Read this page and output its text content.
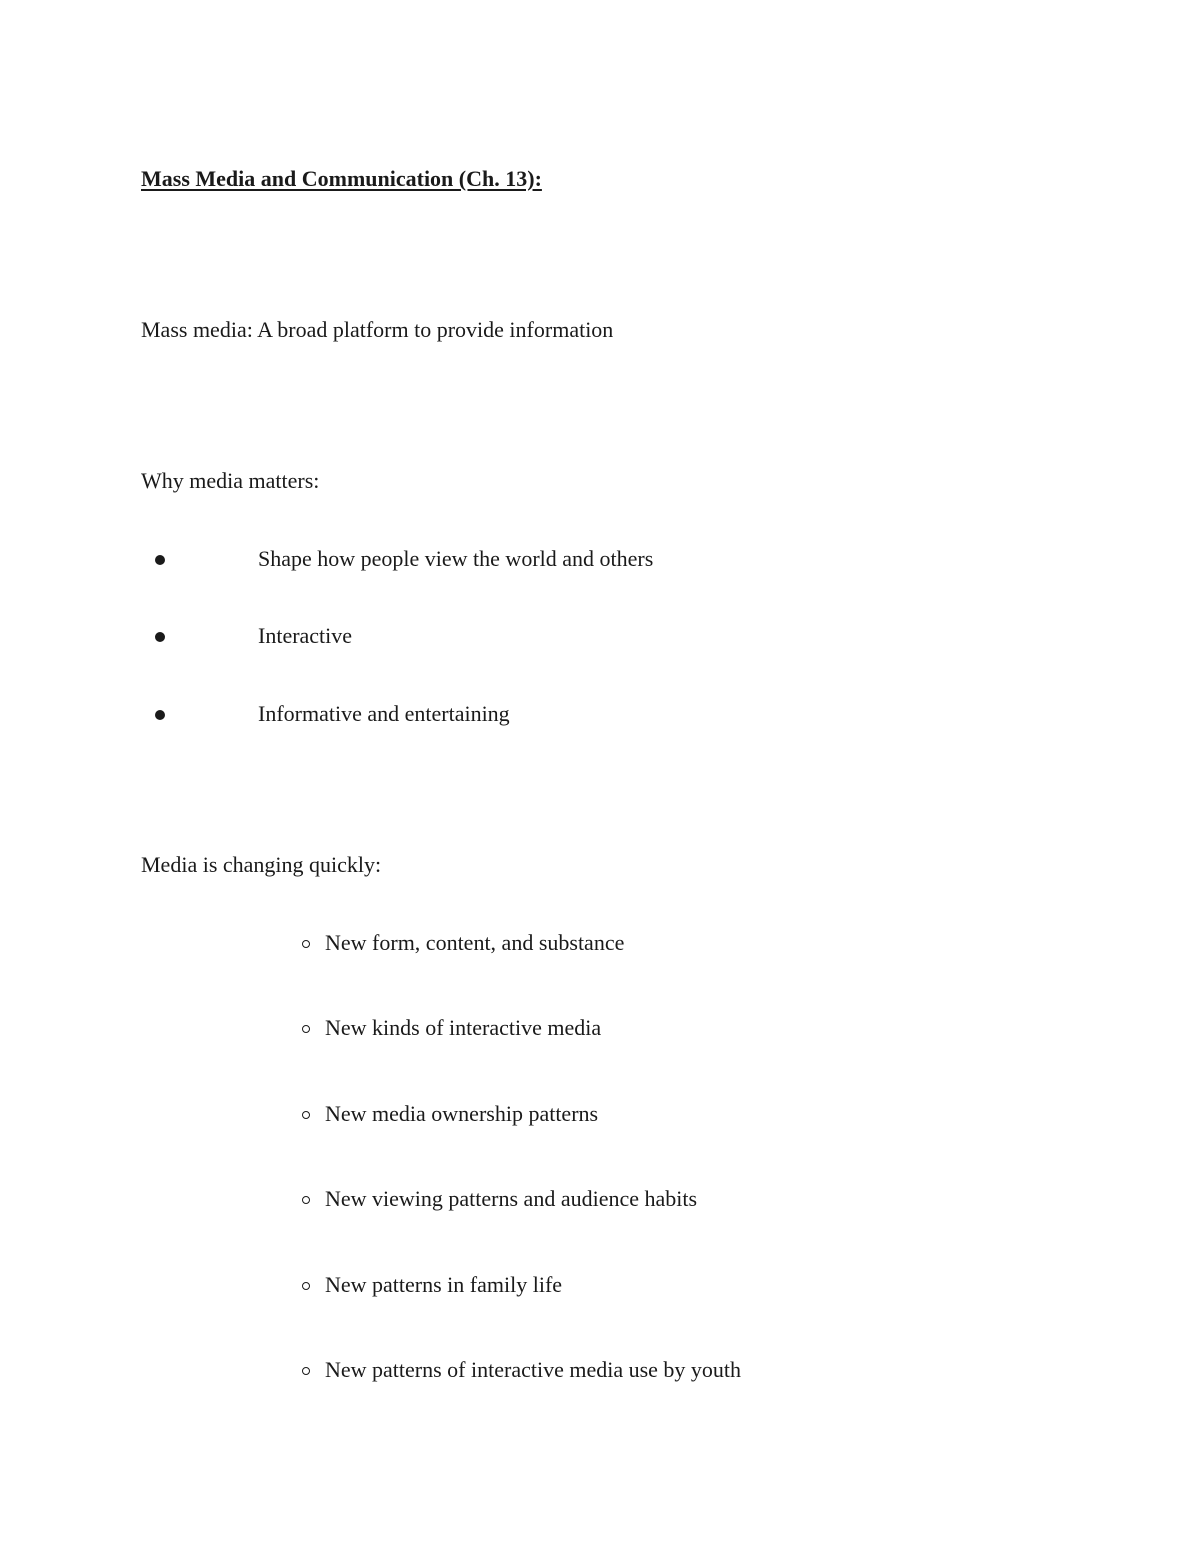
Mass Media and Communication (Ch. 13):
Mass media: A broad platform to provide information
Why media matters:
Shape how people view the world and others
Interactive
Informative and entertaining
Media is changing quickly:
New form, content, and substance
New kinds of interactive media
New media ownership patterns
New viewing patterns and audience habits
New patterns in family life
New patterns of interactive media use by youth
